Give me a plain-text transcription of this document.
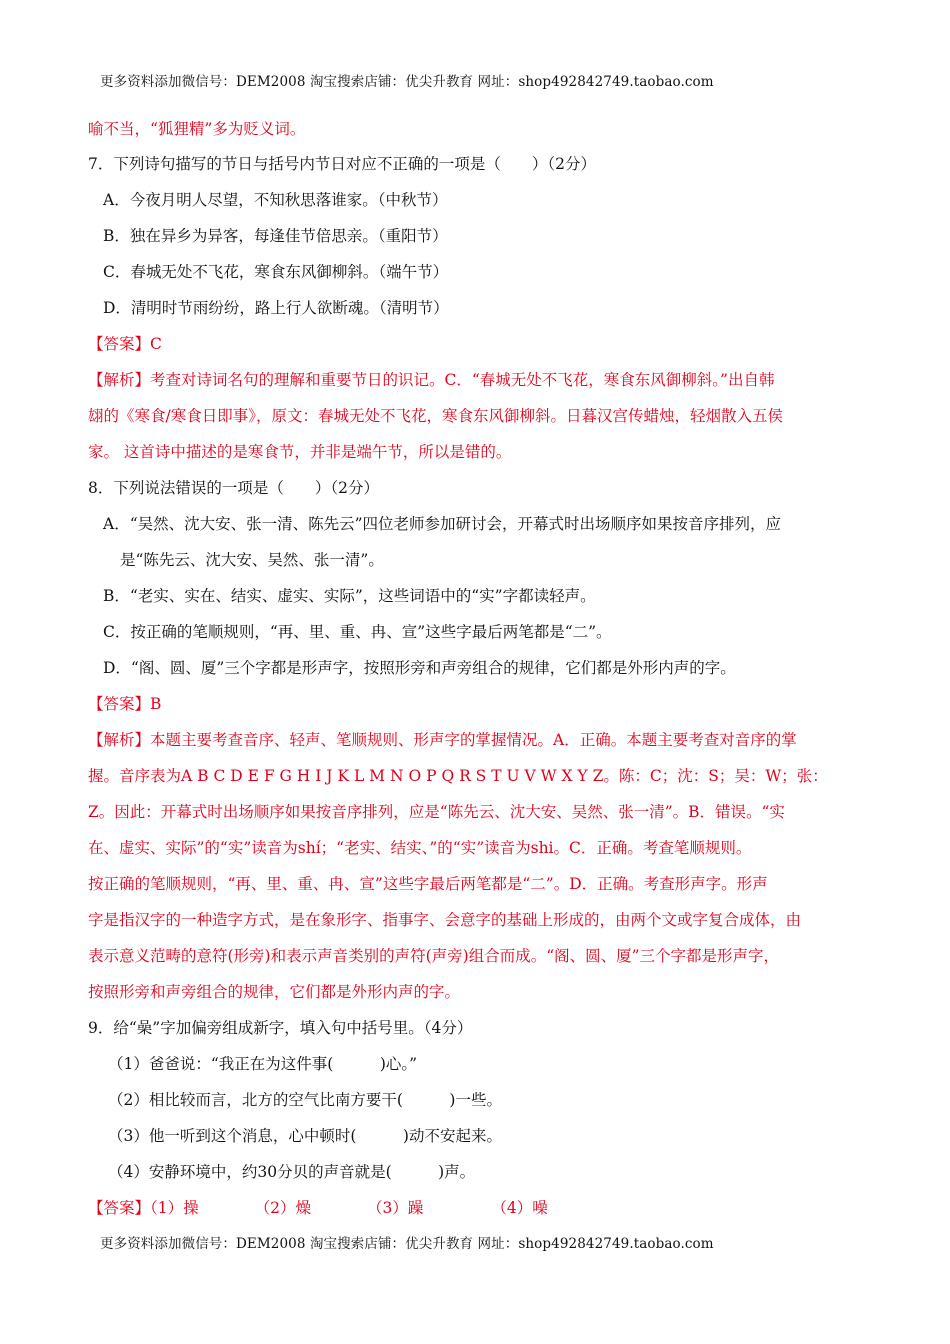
更多资料添加微信号：DEM2008 淘宝搜索店铺：优尖升教育 网址：shop492842749.taobao.com
喻不当，“狐狸精”多为贬义词。
7．下列诗句描写的节日与括号内节日对应不正确的一项是（　　）（2分）
A．今夜月明人尽望，不知秋思落谁家。（中秋节）
B．独在异乡为异客，每逢佳节倍思亲。（重阳节）
C．春城无处不飞花，寒食东风御柳斜。（端午节）
D．清明时节雨纷纷，路上行人欲断魂。（清明节）
【答案】C
【解析】考查对诗词名句的理解和重要节日的识记。C．“春城无处不飞花，寒食东风御柳斜。”出自韩
翃的《寒食/寒食日即事》，原文：春城无处不飞花，寒食东风御柳斜。日暮汉宫传蜡烛，轻烟散入五侯
家。 这首诗中描述的是寒食节，并非是端午节，所以是错的。
8．下列说法错误的一项是（　　）（2分）
A．“吴然、沈大安、张一清、陈先云”四位老师参加研讨会，开幕式时出场顺序如果按音序排列，应
是“陈先云、沈大安、吴然、张一清”。
B．“老实、实在、结实、虚实、实际”，这些词语中的“实”字都读轻声。
C．按正确的笔顺规则，“再、里、重、冉、宣”这些字最后两笔都是“二”。
D．“阁、圆、厦”三个字都是形声字，按照形旁和声旁组合的规律，它们都是外形内声的字。
【答案】B
【解析】本题主要考查音序、轻声、笔顺规则、形声字的掌握情况。A．正确。本题主要考查对音序的掌
握。音序表为A B C D E F G H I J K L M N O P Q R S T U V W X Y Z。陈：C；沈：S；吴：W；张：
Z。因此：开幕式时出场顺序如果按音序排列，应是“陈先云、沈大安、吴然、张一清”。B．错误。“实
在、虚实、实际”的“实”读音为shí；“老实、结实、”的“实”读音为shi。C．正确。考查笔顺规则。
按正确的笔顺规则，“再、里、重、冉、宣”这些字最后两笔都是“二”。D．正确。考查形声字。形声
字是指汉字的一种造字方式，是在象形字、指事字、会意字的基础上形成的，由两个文或字复合成体，由
表示意义范畴的意符(形旁)和表示声音类别的声符(声旁)组合而成。“阁、圆、厦”三个字都是形声字，
按照形旁和声旁组合的规律，它们都是外形内声的字。
9．给“喿”字加偏旁组成新字，填入句中括号里。（4分）
（1）爸爸说：“我正在为这件事(　　　)心。”
（2）相比较而言，北方的空气比南方要干(　　　)一些。
（3）他一听到这个消息，心中顿时(　　　)动不安起来。
（4）安静环境中，约30分贝的声音就是(　　　)声。
【答案】（1）操	（2）燥	（3）躁	（4）噪
更多资料添加微信号：DEM2008 淘宝搜索店铺：优尖升教育 网址：shop492842749.taobao.com
